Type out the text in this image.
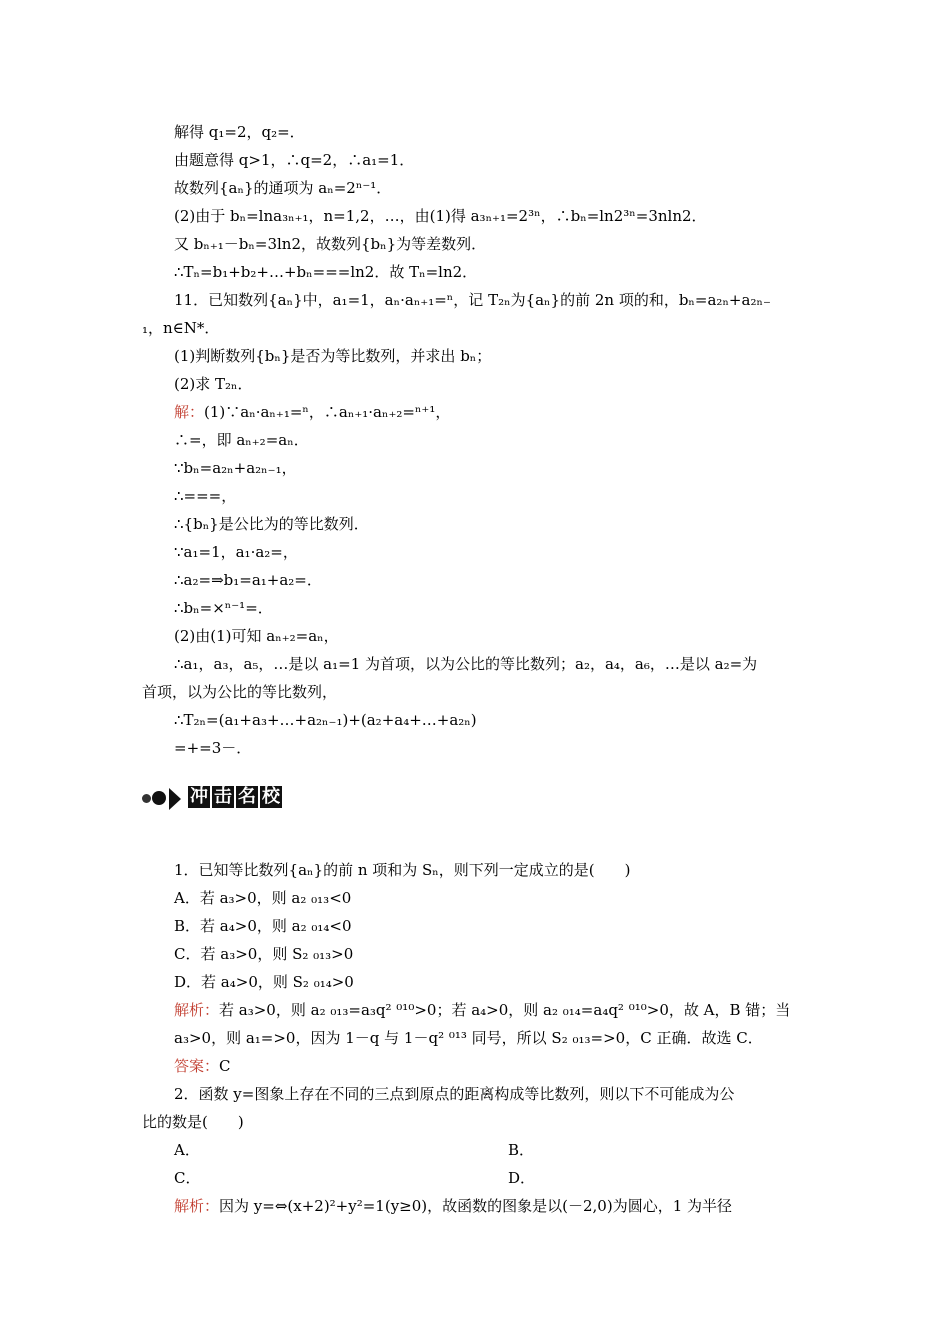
解得 q₁=2，q₂=．
由题意得 q>1，∴q=2，∴a₁=1．
故数列{aₙ}的通项为 aₙ=2ⁿ⁻¹．
(2)由于 bₙ=lna₃ₙ₊₁，n=1,2，…，由(1)得 a₃ₙ₊₁=2³ⁿ，∴bₙ=ln2³ⁿ=3nln2．
又 bₙ₊₁－bₙ=3ln2，故数列{bₙ}为等差数列．
∴Tₙ=b₁+b₂+…+bₙ===ln2．故 Tₙ=ln2．
11．已知数列{aₙ}中，a₁=1，aₙ·aₙ₊₁=ⁿ，记 T₂ₙ为{aₙ}的前 2n 项的和，bₙ=a₂ₙ+a₂ₙ₋
₁，n∈N*．
(1)判断数列{bₙ}是否为等比数列，并求出 bₙ；
(2)求 T₂ₙ．
解：(1)∵aₙ·aₙ₊₁=ⁿ，∴aₙ₊₁·aₙ₊₂=ⁿ⁺¹，
∴=，即 aₙ₊₂=aₙ．
∵bₙ=a₂ₙ+a₂ₙ₋₁，
∴===，
∴{bₙ}是公比为的等比数列．
∵a₁=1，a₁·a₂=，
∴a₂=⇒b₁=a₁+a₂=．
∴bₙ=×ⁿ⁻¹=．
(2)由(1)可知 aₙ₊₂=aₙ，
∴a₁，a₃，a₅，…是以 a₁=1 为首项，以为公比的等比数列；a₂，a₄，a₆，…是以 a₂=为
首项，以为公比的等比数列，
∴T₂ₙ=(a₁+a₃+…+a₂ₙ₋₁)+(a₂+a₄+…+a₂ₙ)
=+=3－．
冲 击 名 校
1．已知等比数列{aₙ}的前 n 项和为 Sₙ，则下列一定成立的是(　　)
A．若 a₃>0，则 a₂ ₀₁₃<0
B．若 a₄>0，则 a₂ ₀₁₄<0
C．若 a₃>0，则 S₂ ₀₁₃>0
D．若 a₄>0，则 S₂ ₀₁₄>0
解析：若 a₃>0，则 a₂ ₀₁₃=a₃q² ⁰¹⁰>0；若 a₄>0，则 a₂ ₀₁₄=a₄q² ⁰¹⁰>0，故 A，B 错；当
a₃>0，则 a₁=>0，因为 1－q 与 1－q² ⁰¹³ 同号，所以 S₂ ₀₁₃=>0，C 正确．故选 C．
答案：C
2．函数 y=图象上存在不同的三点到原点的距离构成等比数列，则以下不可能成为公
比的数是(　　)
A．	B．
C．	D．
解析：因为 y=⇔(x+2)²+y²=1(y≥0)，故函数的图象是以(－2,0)为圆心，1 为半径
